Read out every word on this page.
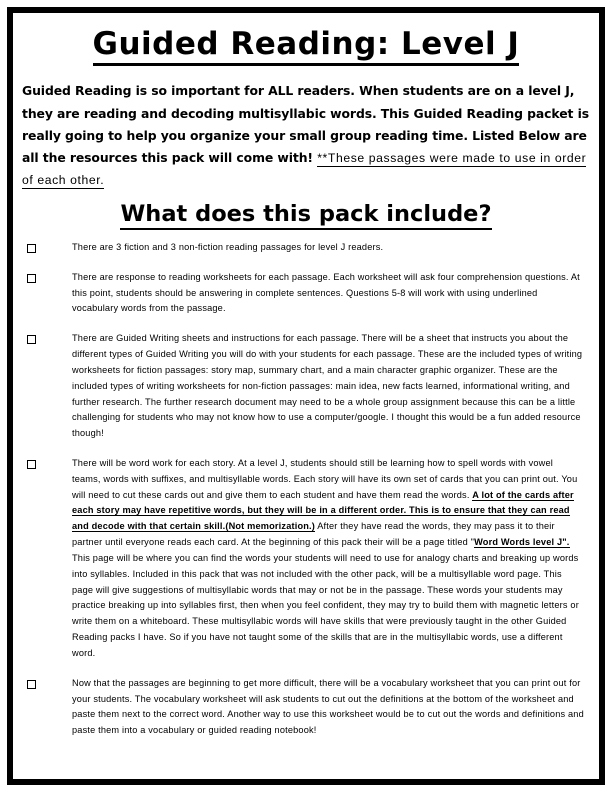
Guided Reading: Level J

Guided Reading is so important for ALL readers. When students are on a level J, they are reading and decoding multisyllabic words. This Guided Reading packet is really going to help you organize your small group reading time. Listed Below are all the resources this pack will come with! **These passages were made to use in order of each other.

What does this pack include?
There are 3 fiction and 3 non-fiction reading passages for level J readers.
There are response to reading worksheets for each passage. Each worksheet will ask four comprehension questions. At this point, students should be answering in complete sentences. Questions 5-8 will work with using underlined vocabulary words from the passage.
There are Guided Writing sheets and instructions for each passage. There will be a sheet that instructs you about the different types of Guided Writing you will do with your students for each passage. These are the included types of writing worksheets for fiction passages: story map, summary chart, and a main character graphic organizer. These are the included types of writing worksheets for non-fiction passages: main idea, new facts learned, informational writing, and further research. The further research document may need to be a whole group assignment because this can be a little challenging for students who may not know how to use a computer/google. I thought this would be a fun added resource though!
There will be word work for each story. At a level J, students should still be learning how to spell words with vowel teams, words with suffixes, and multisyllable words. Each story will have its own set of cards that you can print out. You will need to cut these cards out and give them to each student and have them read the words. A lot of the cards after each story may have repetitive words, but they will be in a different order. This is to ensure that they can read and decode with that certain skill.(Not memorization.) After they have read the words, they may pass it to their partner until everyone reads each card. At the beginning of this pack their will be a page titled "Word Words level J". This page will be where you can find the words your students will need to use for analogy charts and breaking up words into syllables. Included in this pack that was not included with the other pack, will be a multisyllable word page. This page will give suggestions of multisyllabic words that may or not be in the passage. These words your students may practice breaking up into syllables first, then when you feel confident, they may try to build them with magnetic letters or write them on a whiteboard. These multisyllabic words will have skills that were previously taught in the other Guided Reading packs I have. So if you have not taught some of the skills that are in the multisyllabic words, use a different word.
Now that the passages are beginning to get more difficult, there will be a vocabulary worksheet that you can print out for your students. The vocabulary worksheet will ask students to cut out the definitions at the bottom of the worksheet and paste them next to the correct word. Another way to use this worksheet would be to cut out the words and definitions and paste them into a vocabulary or guided reading notebook!
